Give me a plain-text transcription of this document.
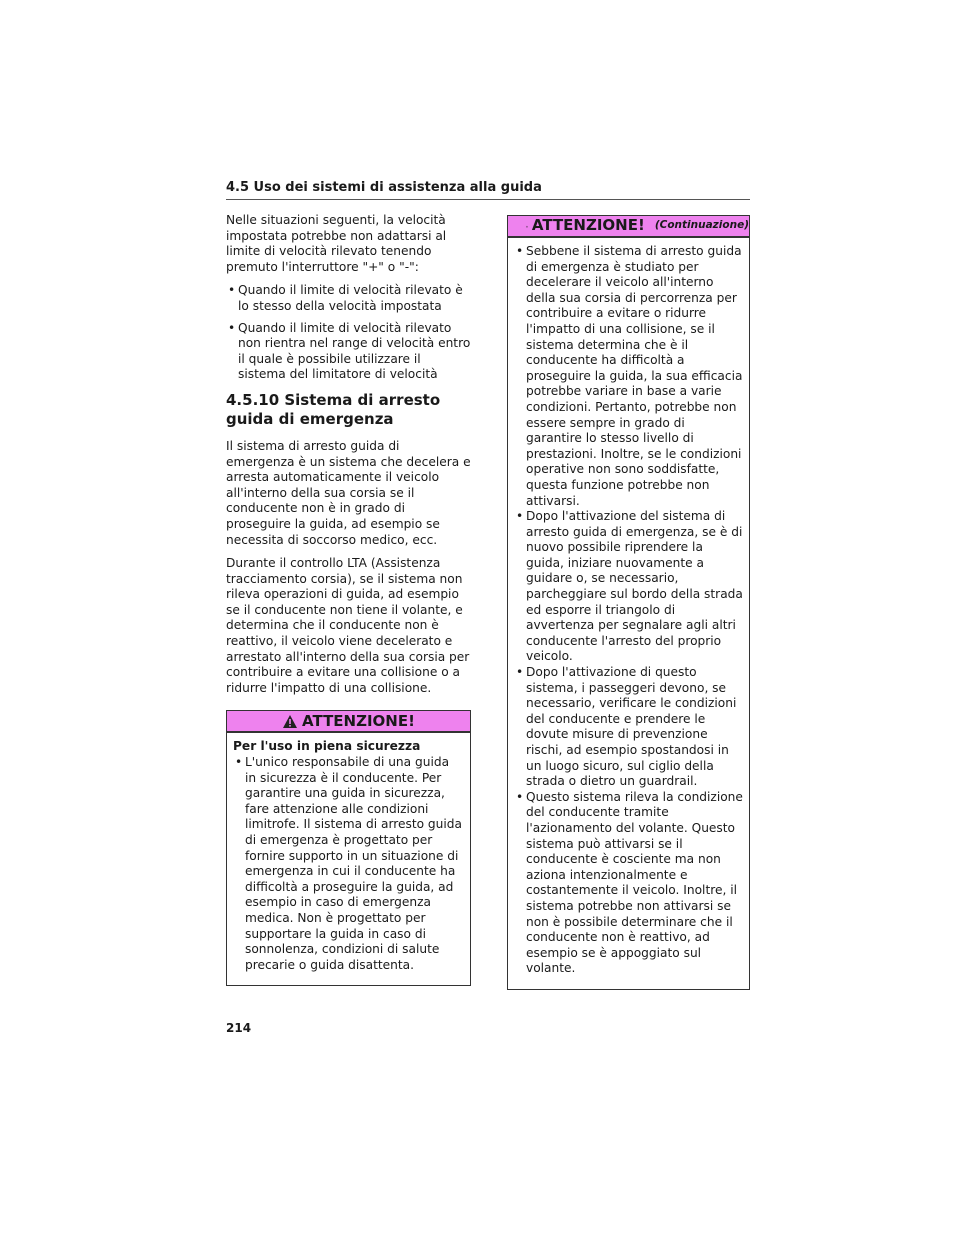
4.5 Uso dei sistemi di assistenza alla guida

Nelle situazioni seguenti, la velocità impostata potrebbe non adattarsi al limite di velocità rilevato tenendo premuto l'interruttore "+" o "-":

• Quando il limite di velocità rilevato è lo stesso della velocità impostata
• Quando il limite di velocità rilevato non rientra nel range di velocità entro il quale è possibile utilizzare il sistema del limitatore di velocità
4.5.10 Sistema di arresto guida di emergenza

Il sistema di arresto guida di emergenza è un sistema che decelera e arresta automaticamente il veicolo all'interno della sua corsia se il conducente non è in grado di proseguire la guida, ad esempio se necessita di soccorso medico, ecc.

Durante il controllo LTA (Assistenza tracciamento corsia), se il sistema non rileva operazioni di guida, ad esempio se il conducente non tiene il volante, e determina che il conducente non è reattivo, il veicolo viene decelerato e arrestato all'interno della sua corsia per contribuire a evitare una collisione o a ridurre l'impatto di una collisione.

ATTENZIONE!

Per l'uso in piena sicurezza

• L'unico responsabile di una guida in sicurezza è il conducente. Per garantire una guida in sicurezza, fare attenzione alle condizioni limitrofe. Il sistema di arresto guida di emergenza è progettato per fornire supporto in un situazione di emergenza in cui il conducente ha difficoltà a proseguire la guida, ad esempio in caso di emergenza medica. Non è progettato per supportare la guida in caso di sonnolenza, condizioni di salute precarie o guida disattenta.
ATTENZIONE! (Continuazione)
• Sebbene il sistema di arresto guida di emergenza è studiato per decelerare il veicolo all'interno della sua corsia di percorrenza per contribuire a evitare o ridurre l'impatto di una collisione, se il sistema determina che è il conducente ha difficoltà a proseguire la guida, la sua efficacia potrebbe variare in base a varie condizioni. Pertanto, potrebbe non essere sempre in grado di garantire lo stesso livello di prestazioni. Inoltre, se le condizioni operative non sono soddisfatte, questa funzione potrebbe non attivarsi.
• Dopo l'attivazione del sistema di arresto guida di emergenza, se è di nuovo possibile riprendere la guida, iniziare nuovamente a guidare o, se necessario, parcheggiare sul bordo della strada ed esporre il triangolo di avvertenza per segnalare agli altri conducente l'arresto del proprio veicolo.
• Dopo l'attivazione di questo sistema, i passeggeri devono, se necessario, verificare le condizioni del conducente e prendere le dovute misure di prevenzione rischi, ad esempio spostandosi in un luogo sicuro, sul ciglio della strada o dietro un guardrail.
• Questo sistema rileva la condizione del conducente tramite l'azionamento del volante. Questo sistema può attivarsi se il conducente è cosciente ma non aziona intenzionalmente e costantemente il veicolo. Inoltre, il sistema potrebbe non attivarsi se non è possibile determinare che il conducente non è reattivo, ad esempio se è appoggiato sul volante.
214
